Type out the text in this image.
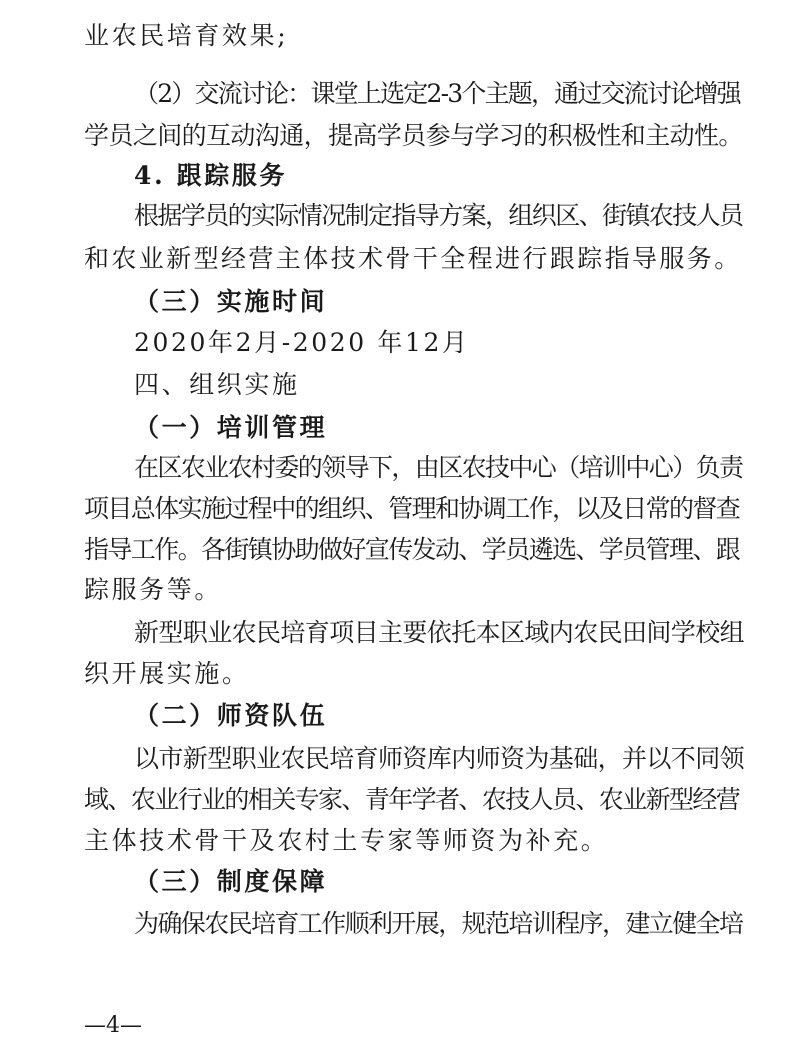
业农民培育效果;
（2）交流讨论：课堂上选定2-3个主题，通过交流讨论增强
学员之间的互动沟通，提高学员参与学习的积极性和主动性。
4. 跟踪服务
根据学员的实际情况制定指导方案，组织区、街镇农技人员
和农业新型经营主体技术骨干全程进行跟踪指导服务。
（三）实施时间
2020年2月-2020 年12月
四、组织实施
（一）培训管理
在区农业农村委的领导下，由区农技中心（培训中心）负责
项目总体实施过程中的组织、管理和协调工作，以及日常的督查
指导工作。各街镇协助做好宣传发动、学员遴选、学员管理、跟
踪服务等。
新型职业农民培育项目主要依托本区域内农民田间学校组
织开展实施。
（二）师资队伍
以市新型职业农民培育师资库内师资为基础，并以不同领
域、农业行业的相关专家、青年学者、农技人员、农业新型经营
主体技术骨干及农村土专家等师资为补充。
（三）制度保障
为确保农民培育工作顺利开展，规范培训程序，建立健全培
—4—
